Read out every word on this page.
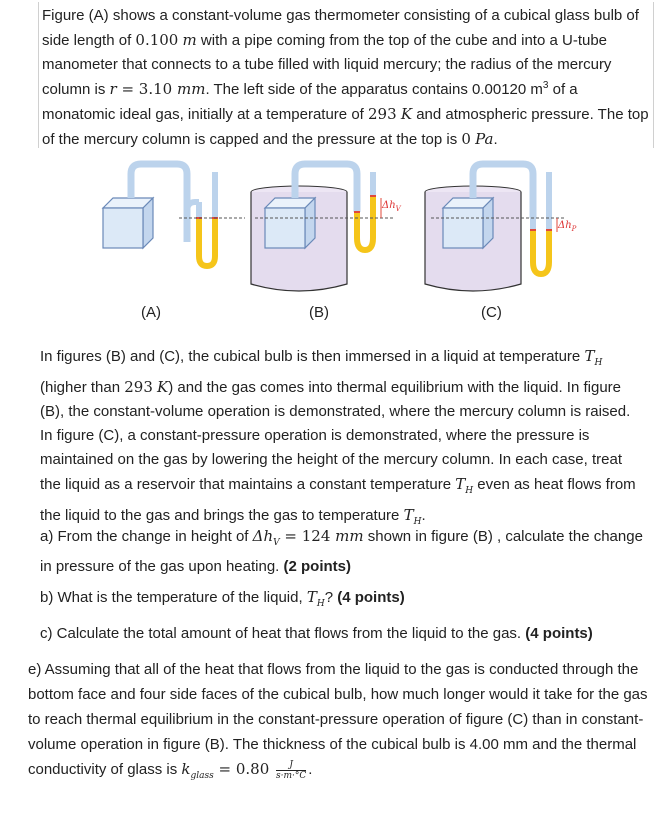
Figure (A) shows a constant-volume gas thermometer consisting of a cubical glass bulb of side length of 0.100 m with a pipe coming from the top of the cube and into a U-tube manometer that connects to a tube filled with liquid mercury; the radius of the mercury column is r = 3.10 mm. The left side of the apparatus contains 0.00120 $m^3$ of a monatomic ideal gas, initially at a temperature of 293 K and atmospheric pressure. The top of the mercury column is capped and the pressure at the top is 0 Pa.
$\Delta h_V$
$\Delta h_P$
(A)	(B)	(C)
In figures (B) and (C), the cubical bulb is then immersed in a liquid at temperature $T_H$ (higher than 293 K) and the gas comes into thermal equilibrium with the liquid. In figure (B), the constant-volume operation is demonstrated, where the mercury column is raised. In figure (C), a constant-pressure operation is demonstrated, where the pressure is maintained on the gas by lowering the height of the mercury column. In each case, treat the liquid as a reservoir that maintains a constant temperature $T_H$ even as heat flows from the liquid to the gas and brings the gas to temperature $T_H$.
a) From the change in height of $\Delta h_V = 124$ mm shown in figure (B) , calculate the change in pressure of the gas upon heating. (2 points)
b) What is the temperature of the liquid, $T_H$? (4 points)
c) Calculate the total amount of heat that flows from the liquid to the gas. (4 points)
e) Assuming that all of the heat that flows from the liquid to the gas is conducted through the bottom face and four side faces of the cubical bulb, how much longer would it take for the gas to reach thermal equilibrium in the constant-pressure operation of figure (C) than in constant-volume operation in figure (B). The thickness of the cubical bulb is 4.00 mm and the thermal conductivity of glass is $k_{glass} = 0.80 \frac{J}{s\cdot m\cdot^\circ C}$ .
